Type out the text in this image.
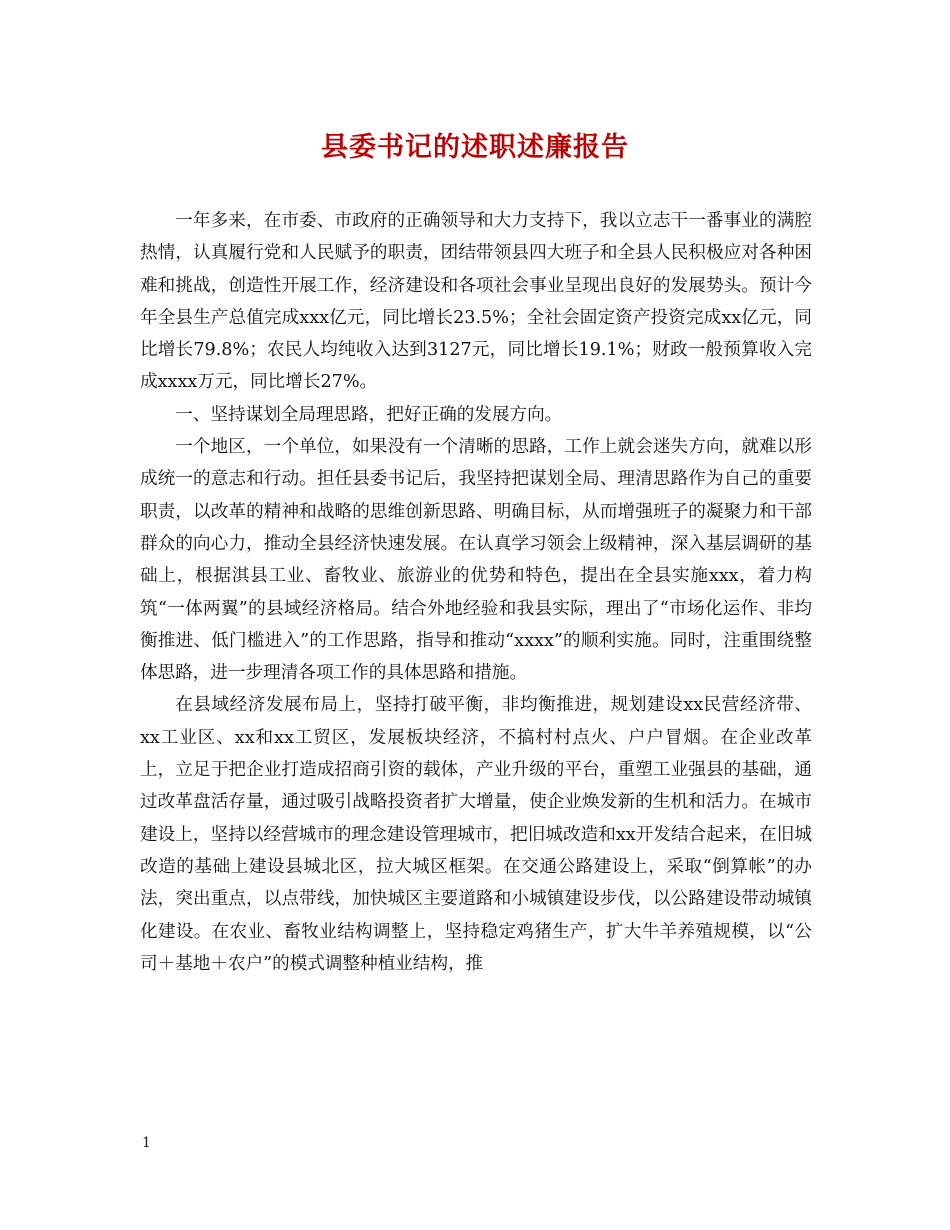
县委书记的述职述廉报告

一年多来，在市委、市政府的正确领导和大力支持下，我以立志干一番事业的满腔热情，认真履行党和人民赋予的职责，团结带领县四大班子和全县人民积极应对各种困难和挑战，创造性开展工作，经济建设和各项社会事业呈现出良好的发展势头。预计今年全县生产总值完成xxx亿元，同比增长23.5%；全社会固定资产投资完成xx亿元，同比增长79.8%；农民人均纯收入达到3127元，同比增长19.1%；财政一般预算收入完成xxxx万元，同比增长27%。

一、坚持谋划全局理思路，把好正确的发展方向。

一个地区，一个单位，如果没有一个清晰的思路，工作上就会迷失方向，就难以形成统一的意志和行动。担任县委书记后，我坚持把谋划全局、理清思路作为自己的重要职责，以改革的精神和战略的思维创新思路、明确目标，从而增强班子的凝聚力和干部群众的向心力，推动全县经济快速发展。在认真学习领会上级精神，深入基层调研的基础上，根据淇县工业、畜牧业、旅游业的优势和特色，提出在全县实施xxx，着力构筑“一体两翼”的县域经济格局。结合外地经验和我县实际，理出了“市场化运作、非均衡推进、低门槛进入”的工作思路，指导和推动“xxxx”的顺利实施。同时，注重围绕整体思路，进一步理清各项工作的具体思路和措施。

在县域经济发展布局上，坚持打破平衡，非均衡推进，规划建设xx民营经济带、xx工业区、xx和xx工贸区，发展板块经济，不搞村村点火、户户冒烟。在企业改革上，立足于把企业打造成招商引资的载体，产业升级的平台，重塑工业强县的基础，通过改革盘活存量，通过吸引战略投资者扩大增量，使企业焕发新的生机和活力。在城市建设上，坚持以经营城市的理念建设管理城市，把旧城改造和xx开发结合起来，在旧城改造的基础上建设县城北区，拉大城区框架。在交通公路建设上，采取“倒算帐”的办法，突出重点，以点带线，加快城区主要道路和小城镇建设步伐，以公路建设带动城镇化建设。在农业、畜牧业结构调整上，坚持稳定鸡猪生产，扩大牛羊养殖规模，以“公司＋基地＋农户”的模式调整种植业结构，推

1
